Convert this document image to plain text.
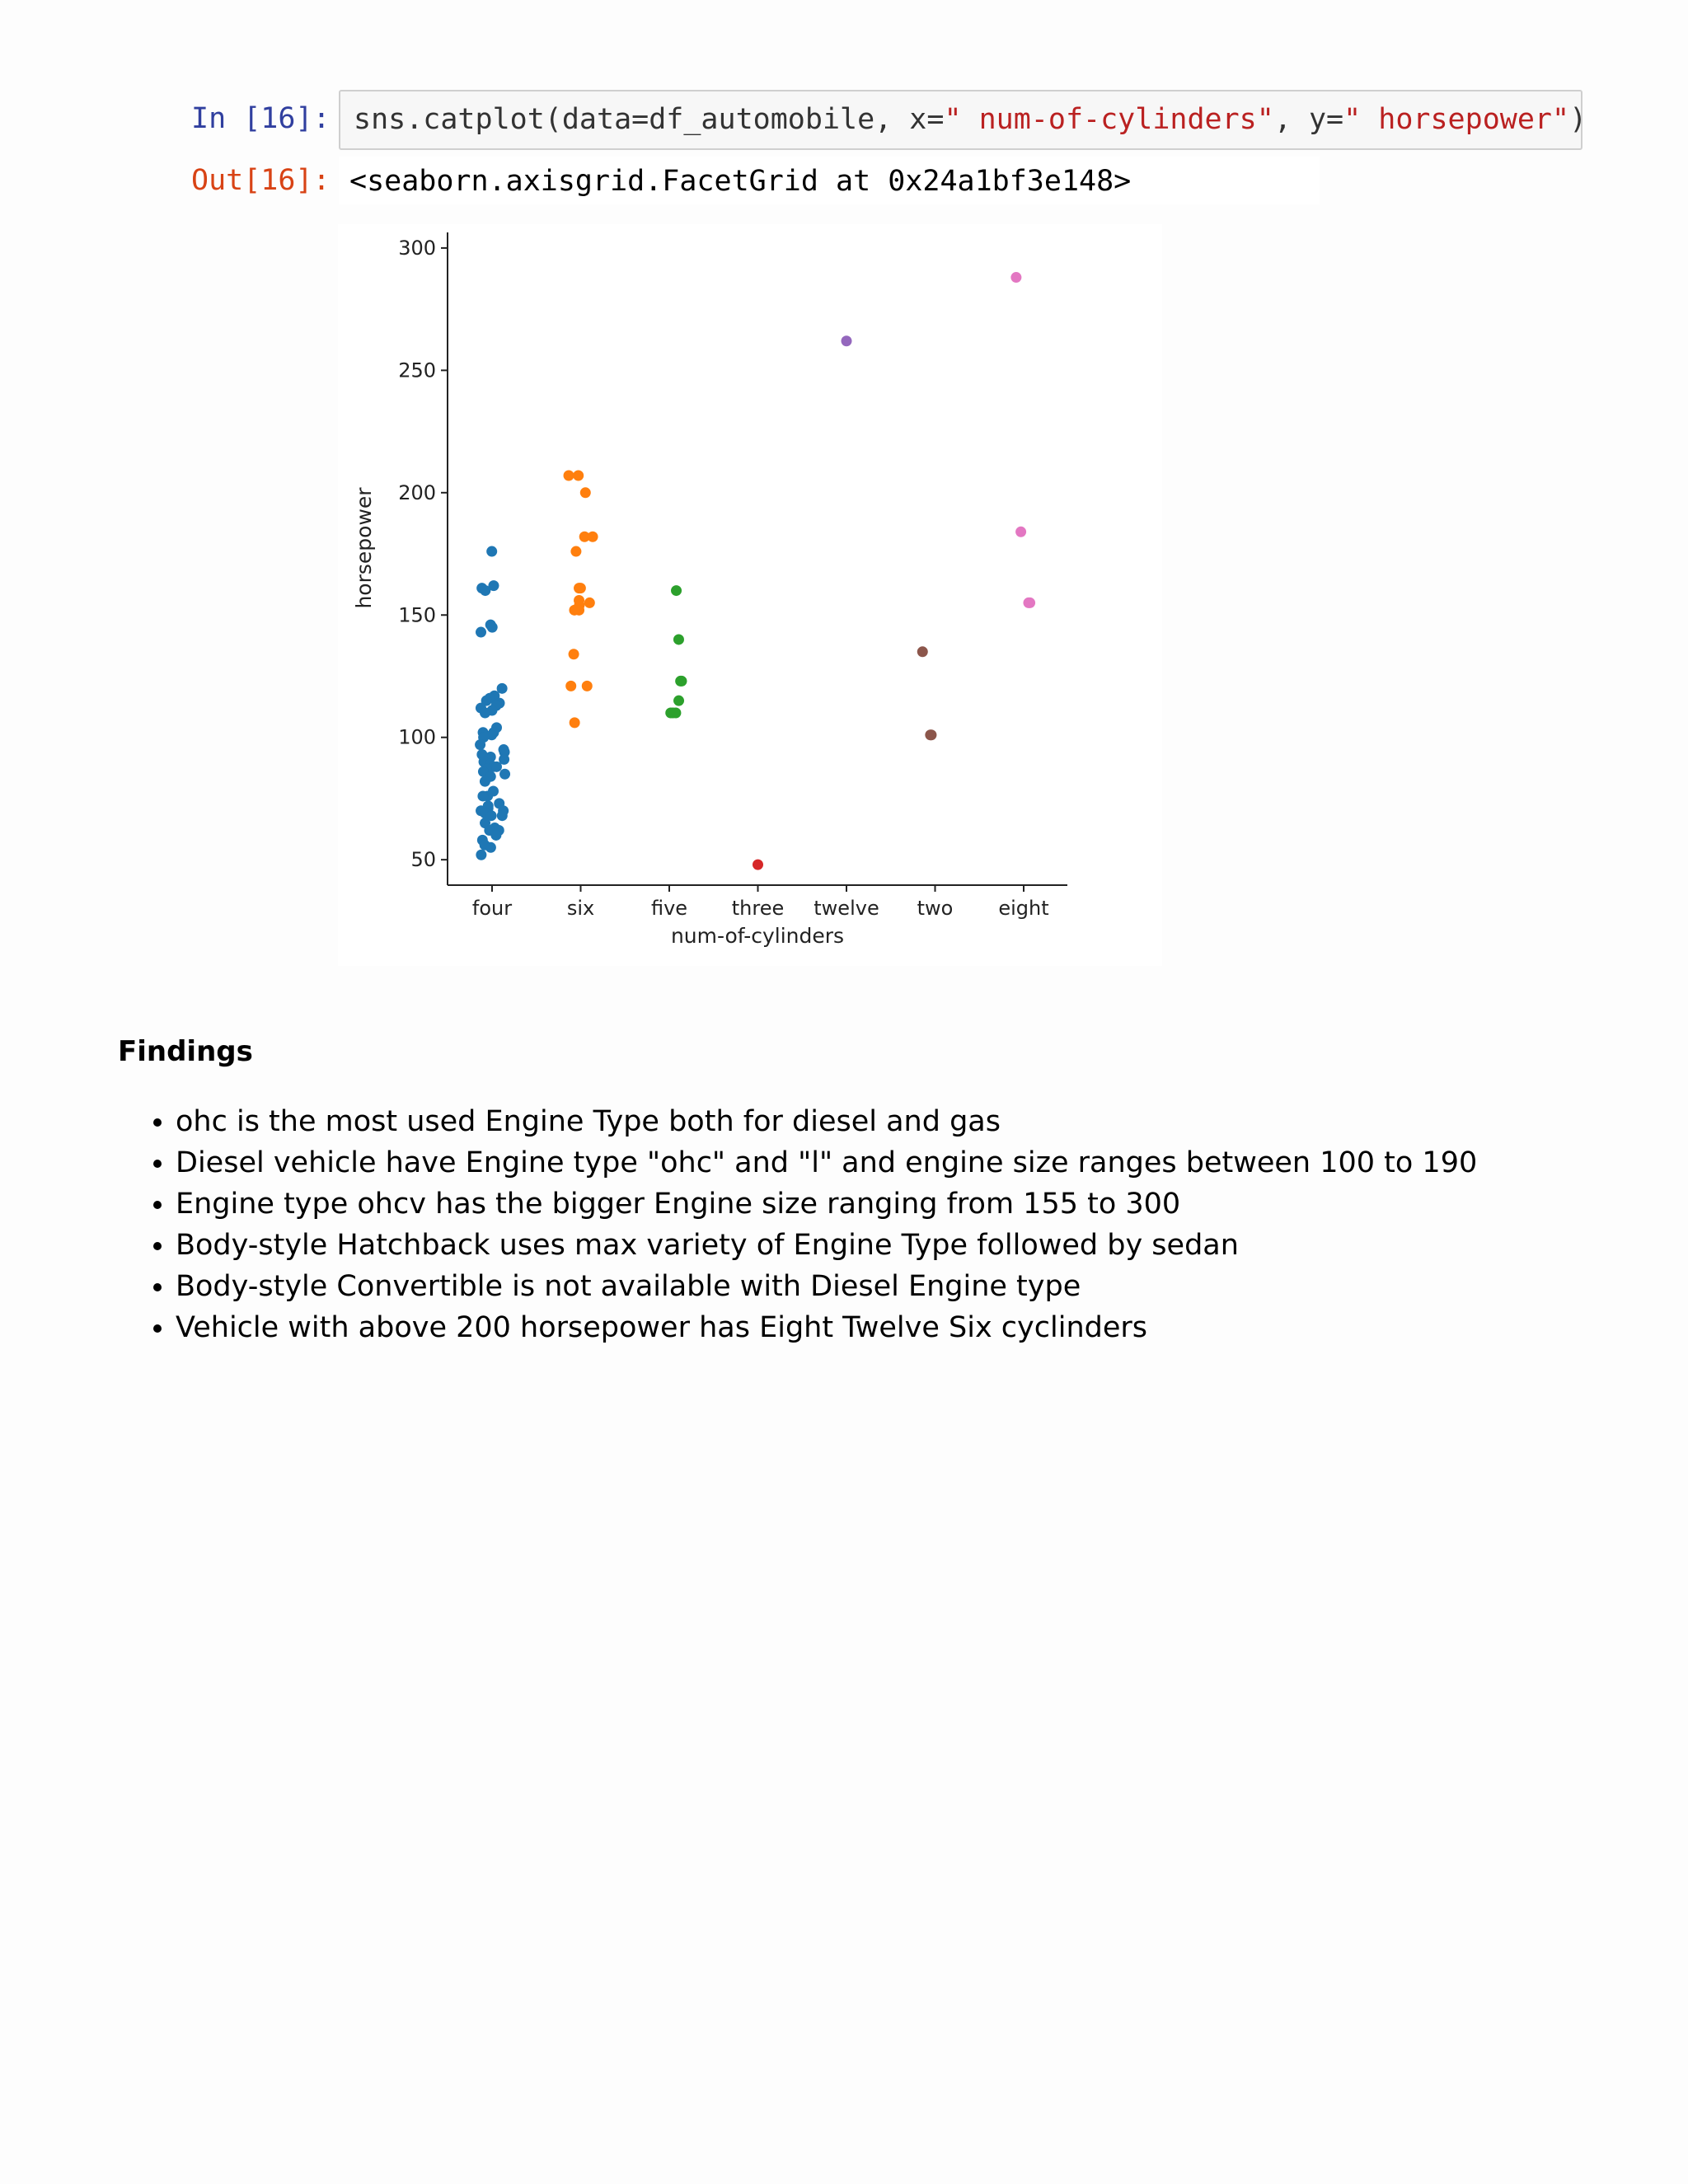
In [16]: sns.catplot(data=df_automobile, x=" num-of-cylinders", y=" horsepower")
Out[16]: <seaborn.axisgrid.FacetGrid at 0x24a1bf3e148>
50
100
150
200
250
300
four	six	five three twelve two eight
num-of-cylinders
horsepower
Findings
• ohc is the most used Engine Type both for diesel and gas
• Diesel vehicle have Engine type "ohc" and "l" and engine size ranges between 100 to 190
• Engine type ohcv has the bigger Engine size ranging from 155 to 300
• Body-style Hatchback uses max variety of Engine Type followed by sedan
• Body-style Convertible is not available with Diesel Engine type
• Vehicle with above 200 horsepower has Eight Twelve Six cyclinders
